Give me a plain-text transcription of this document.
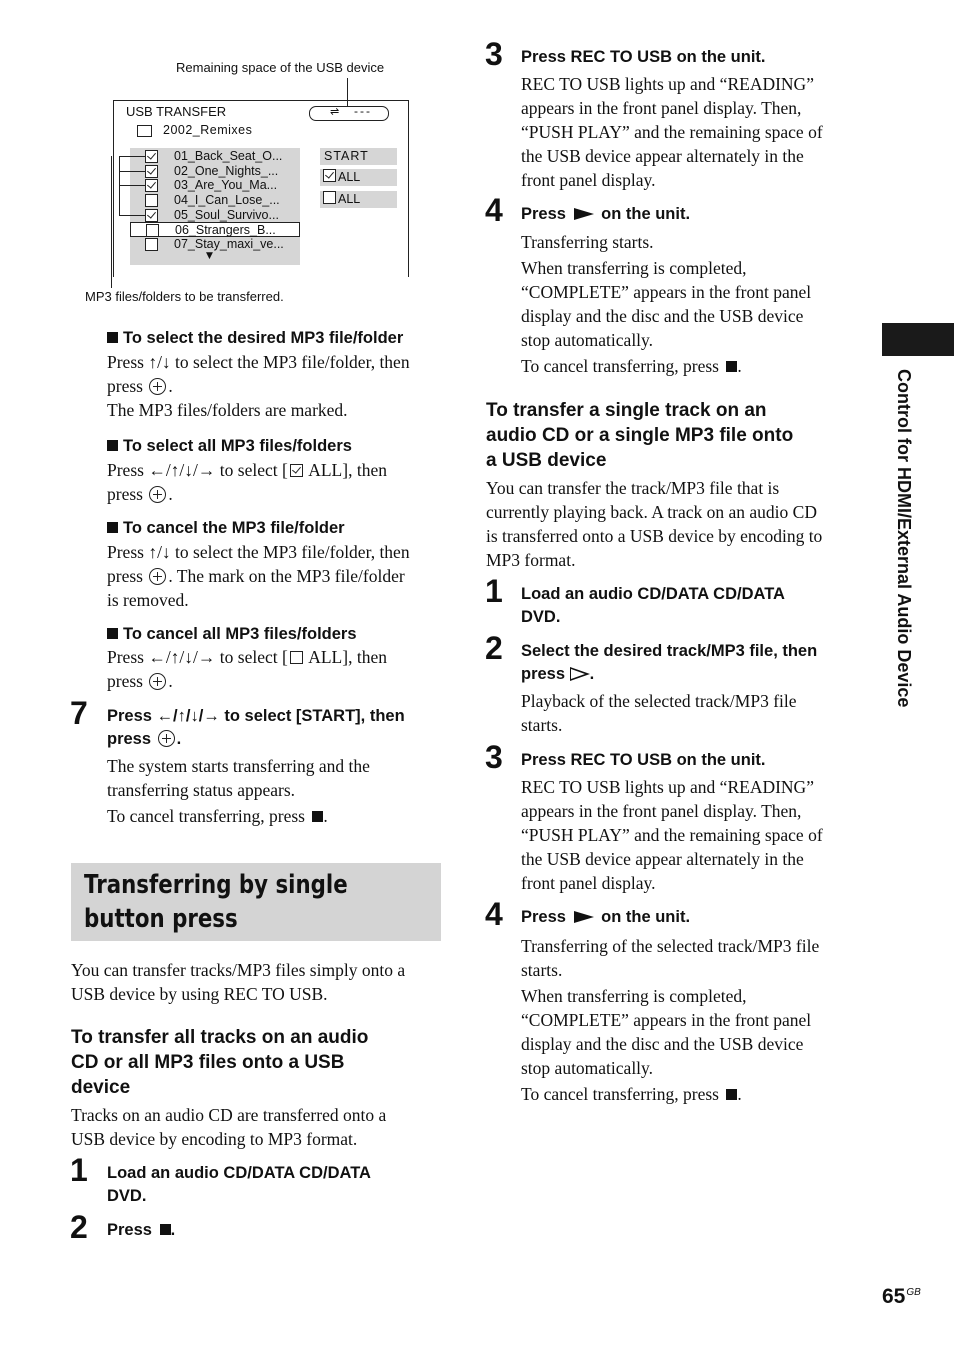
Remaining space of the USB device
USB TRANSFER
2002_Remixes
⇌ ---
01_Back_Seat_O...
02_One_Nights_...
03_Are_You_Ma...
04_I_Can_Lose_...
05_Soul_Survivo...
06_Strangers_B...
07_Stay_maxi_ve...
▼
START
ALL
ALL
MP3 files/folders to be transferred.
To select the desired MP3 file/folder
Press ↑/↓ to select the MP3 file/folder, then
press .
The MP3 files/folders are marked.
To select all MP3 files/folders
Press ←/↑/↓/→ to select [ ALL], then
press .
To cancel the MP3 file/folder
Press ↑/↓ to select the MP3 file/folder, then
press . The mark on the MP3 file/folder
is removed.
To cancel all MP3 files/folders
Press ←/↑/↓/→ to select [ ALL], then
press .
7 Press ←/↑/↓/→ to select [START], then
press .
The system starts transferring and the
transferring status appears.
To cancel transferring, press .
Transferring by single button press
You can transfer tracks/MP3 files simply onto a
USB device by using REC TO USB.
To transfer all tracks on an audio
CD or all MP3 files onto a USB
device
Tracks on an audio CD are transferred onto a
USB device by encoding to MP3 format.
1 Load an audio CD/DATA CD/DATA
DVD.
2 Press .
3 Press REC TO USB on the unit.
REC TO USB lights up and “READING”
appears in the front panel display. Then,
“PUSH PLAY” and the remaining space of
the USB device appear alternately in the
front panel display.
4 Press on the unit.
Transferring starts.
When transferring is completed,
“COMPLETE” appears in the front panel
display and the disc and the USB device
stop automatically.
To cancel transferring, press .
To transfer a single track on an
audio CD or a single MP3 file onto
a USB device
You can transfer the track/MP3 file that is
currently playing back. A track on an audio CD
is transferred onto a USB device by encoding to
MP3 format.
1 Load an audio CD/DATA CD/DATA
DVD.
2 Select the desired track/MP3 file, then
press .
Playback of the selected track/MP3 file
starts.
3 Press REC TO USB on the unit.
REC TO USB lights up and “READING”
appears in the front panel display. Then,
“PUSH PLAY” and the remaining space of
the USB device appear alternately in the
front panel display.
4 Press on the unit.
Transferring of the selected track/MP3 file
starts.
When transferring is completed,
“COMPLETE” appears in the front panel
display and the disc and the USB device
stop automatically.
To cancel transferring, press .
Control for HDMI/External Audio Device
$65^{GB}$
